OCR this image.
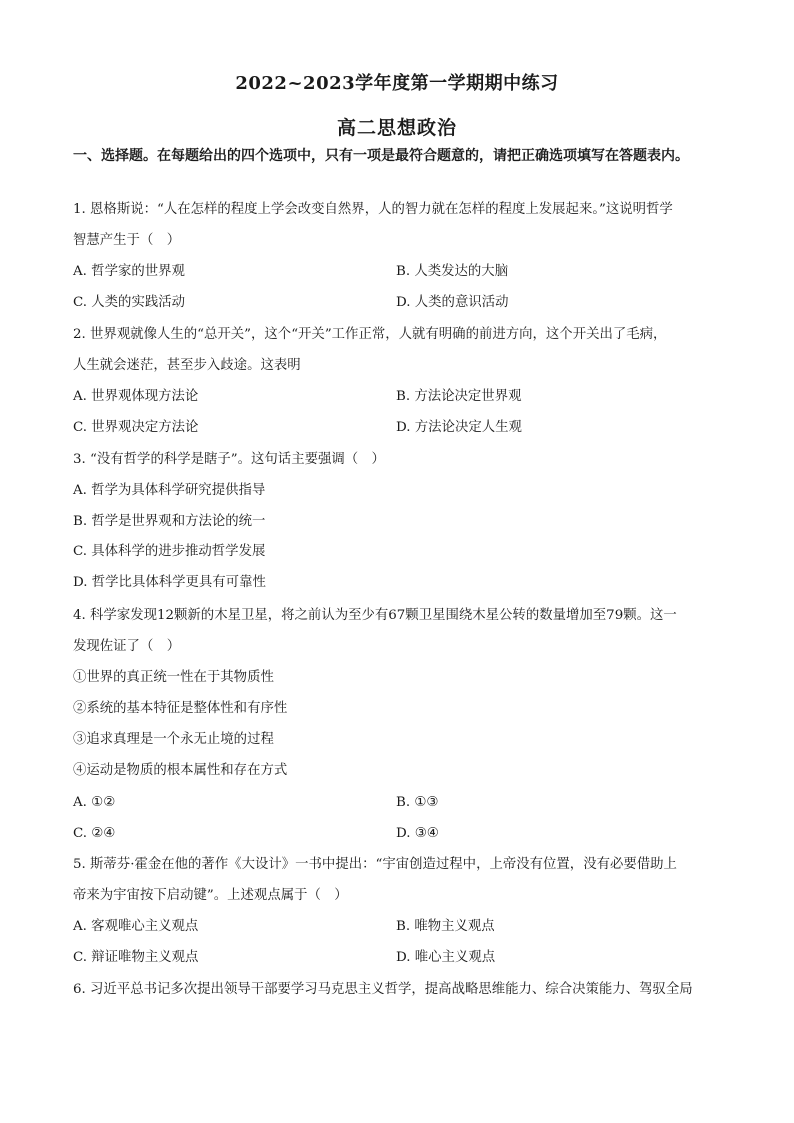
2022~2023学年度第一学期期中练习
高二思想政治
一、选择题。在每题给出的四个选项中，只有一项是最符合题意的，请把正确选项填写在答题表内。
1. 恩格斯说：“人在怎样的程度上学会改变自然界，人的智力就在怎样的程度上发展起来。”这说明哲学
智慧产生于（　）
A. 哲学家的世界观	B. 人类发达的大脑
C. 人类的实践活动	D. 人类的意识活动
2. 世界观就像人生的“总开关”，这个“开关”工作正常，人就有明确的前进方向，这个开关出了毛病，
人生就会迷茫，甚至步入歧途。这表明
A. 世界观体现方法论	B. 方法论决定世界观
C. 世界观决定方法论	D. 方法论决定人生观
3. “没有哲学的科学是瞎子”。这句话主要强调（　）
A. 哲学为具体科学研究提供指导
B. 哲学是世界观和方法论的统一
C. 具体科学的进步推动哲学发展
D. 哲学比具体科学更具有可靠性
4. 科学家发现12颗新的木星卫星，将之前认为至少有67颗卫星围绕木星公转的数量增加至79颗。这一
发现佐证了（　）
①世界的真正统一性在于其物质性
②系统的基本特征是整体性和有序性
③追求真理是一个永无止境的过程
④运动是物质的根本属性和存在方式
A. ①②	B. ①③
C. ②④	D. ③④
5. 斯蒂芬·霍金在他的著作《大设计》一书中提出：“宇宙创造过程中，上帝没有位置，没有必要借助上
帝来为宇宙按下启动键”。上述观点属于（　）
A. 客观唯心主义观点	B. 唯物主义观点
C. 辩证唯物主义观点	D. 唯心主义观点
6. 习近平总书记多次提出领导干部要学习马克思主义哲学，提高战略思维能力、综合决策能力、驾驭全局
